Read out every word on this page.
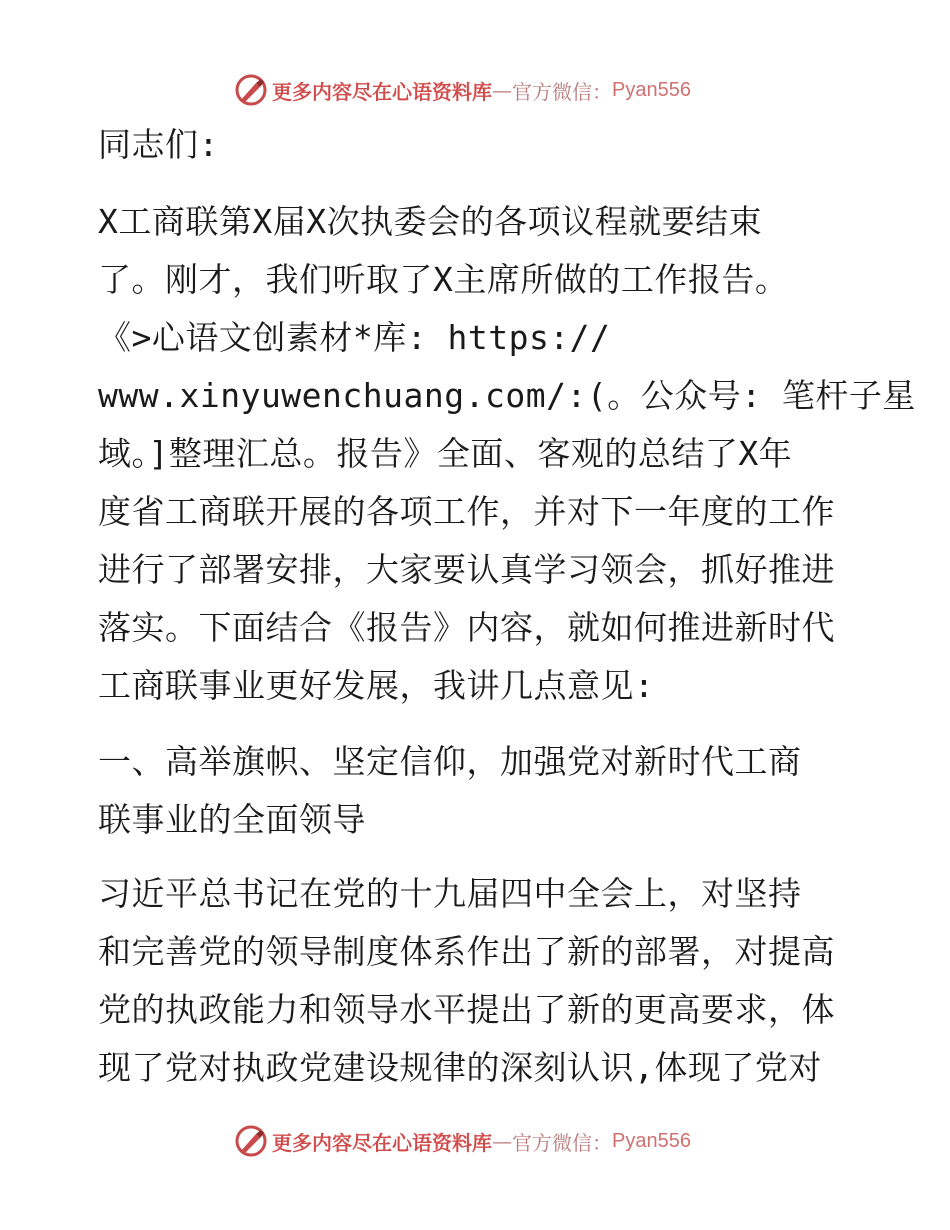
更多内容尽在心语资料库 — 官方微信： Pyan556
同志们:
X工商联第X届X次执委会的各项议程就要结束
了。刚才，我们听取了X主席所做的工作报告。
《>心语文创素材*库: https://
www.xinyuwenchuang.com/:(。公众号: 笔杆子星
域。]整理汇总。报告》全面、客观的总结了X年
度省工商联开展的各项工作，并对下一年度的工作
进行了部署安排，大家要认真学习领会，抓好推进
落实。下面结合《报告》内容，就如何推进新时代
工商联事业更好发展，我讲几点意见:
一、高举旗帜、坚定信仰，加强党对新时代工商
联事业的全面领导
习近平总书记在党的十九届四中全会上，对坚持
和完善党的领导制度体系作出了新的部署，对提高
党的执政能力和领导水平提出了新的更高要求，体
现了党对执政党建设规律的深刻认识,体现了党对
更多内容尽在心语资料库 — 官方微信： Pyan556
